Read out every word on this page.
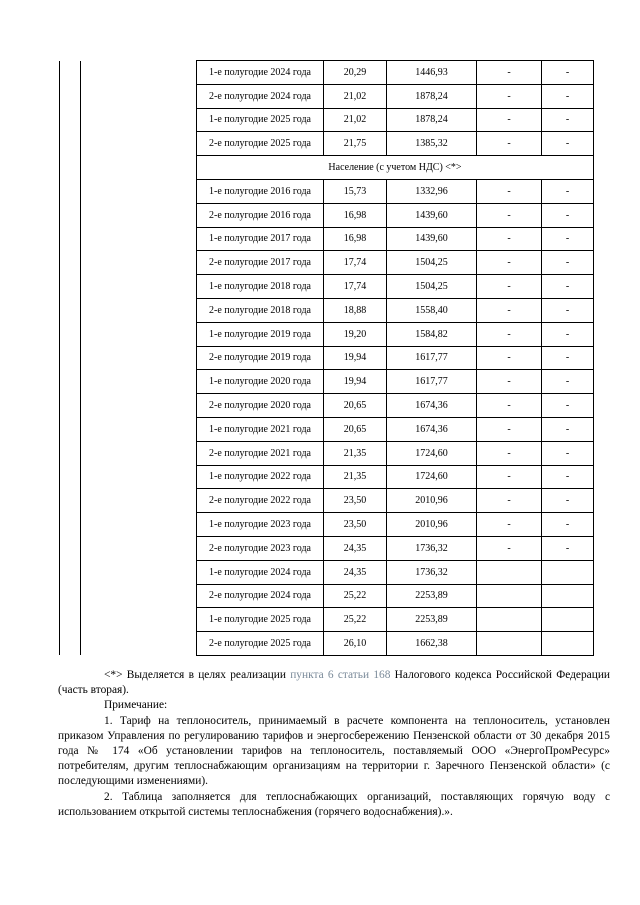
		1-е полугодие 2024 года	20,29	1446,93	-	-
		2-е полугодие 2024 года	21,02	1878,24	-	-
		1-е полугодие 2025 года	21,02	1878,24	-	-
		2-е полугодие 2025 года	21,75	1385,32	-	-
		Население (с учетом НДС) <*>				
		1-е полугодие 2016 года	15,73	1332,96	-	-
		2-е полугодие 2016 года	16,98	1439,60	-	-
		1-е полугодие 2017 года	16,98	1439,60	-	-
		2-е полугодие 2017 года	17,74	1504,25	-	-
		1-е полугодие 2018 года	17,74	1504,25	-	-
		2-е полугодие 2018 года	18,88	1558,40	-	-
		1-е полугодие 2019 года	19,20	1584,82	-	-
		2-е полугодие 2019 года	19,94	1617,77	-	-
		1-е полугодие 2020 года	19,94	1617,77	-	-
		2-е полугодие 2020 года	20,65	1674,36	-	-
		1-е полугодие 2021 года	20,65	1674,36	-	-
		2-е полугодие 2021 года	21,35	1724,60	-	-
		1-е полугодие 2022 года	21,35	1724,60	-	-
		2-е полугодие 2022 года	23,50	2010,96	-	-
		1-е полугодие 2023 года	23,50	2010,96	-	-
		2-е полугодие 2023 года	24,35	1736,32	-	-
		1-е полугодие 2024 года	24,35	1736,32		
		2-е полугодие 2024 года	25,22	2253,89		
		1-е полугодие 2025 года	25,22	2253,89		
		2-е полугодие 2025 года	26,10	1662,38		

<*> Выделяется в целях реализации пункта 6 статьи 168 Налогового кодекса Российской Федерации (часть вторая).

Примечание:

1. Тариф на теплоноситель, принимаемый в расчете компонента на теплоноситель, установлен приказом Управления по регулированию тарифов и энергосбережению Пензенской области от 30 декабря 2015 года № 174 «Об установлении тарифов на теплоноситель, поставляемый ООО «ЭнергоПромРесурс» потребителям, другим теплоснабжающим организациям на территории г. Заречного Пензенской области» (с последующими изменениями).

2. Таблица заполняется для теплоснабжающих организаций, поставляющих горячую воду с использованием открытой системы теплоснабжения (горячего водоснабжения).».
